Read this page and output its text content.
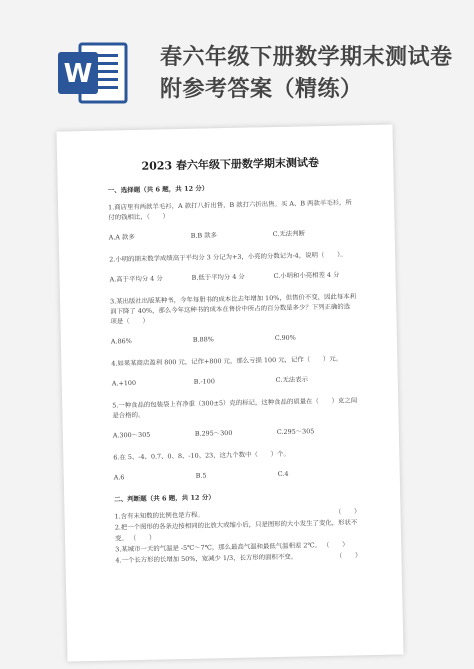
W
春六年级下册数学期末测试卷
附参考答案（精练）
2023 春六年级下册数学期末测试卷
一、选择题（共 6 题，共 12 分）
1.商店里有两款羊毛衫，A 款打八折出售，B 款打六折出售。买 A、B 两款羊毛衫，所付的钱相比，（　　）
A.A 款多	B.B 款多	C.无法判断
2.小明的期末数学成绩高于平均分 3 分记为+3，小亮的分数记为-4，说明（　　）。
A.高于平均分 4 分	B.低于平均分 4 分	C.小明和小亮相差 4 分
3.某出版社出版某种书，今年每册书的成本比去年增加 10%，但售价不变，因此每本利润下降了 40%，那么今年这种书的成本在售价中所占的百分数是多少？下列正确的选项是（　　）
A.86%	B.88%	C.90%
4.如果某商店盈利 800 元，记作+800 元，那么亏损 100 元，记作（　　）元。
A.+100	B.-100	C.无法表示
5.一种食品的包装袋上有净重（300±5）克的标记，这种食品的质量在（　　）克之间是合格的。
A.300～305	B.295～300	C.295～305
6.在 5、-4、0.7、0、8、-10、23，这九个数中（　　）个。
A.6	B.5	C.4
二、判断题（共 6 题，共 12 分）
1.含有未知数的比例也是方程。	（　　）
2.把一个图形的各条边按相同的比放大或缩小后，只是图形的大小发生了变化，形状不变。 （　　）
3.某城市一天的气温是 -5℃～7℃，那么最高气温和最低气温相差 2℃。 （　　）
4.一个长方形的长增加 50%，宽减少 1/3，长方形的面积不变。	（　　）
